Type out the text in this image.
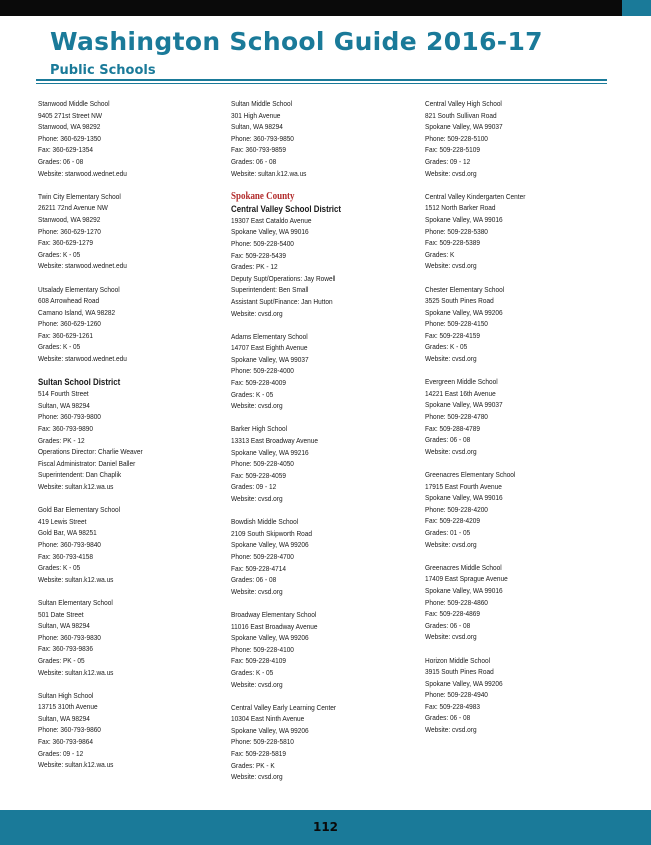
Washington School Guide 2016-17
Public Schools
Stanwood Middle School
9405 271st Street NW
Stanwood, WA 98292
Phone: 360-629-1350
Fax: 360-629-1354
Grades: 06 - 08
Website: starwood.wednet.edu
Twin City Elementary School
26211 72nd Avenue NW
Stanwood, WA 98292
Phone: 360-629-1270
Fax: 360-629-1279
Grades: K - 05
Website: starwood.wednet.edu
Utsalady Elementary School
608 Arrowhead Road
Camano Island, WA 98282
Phone: 360-629-1260
Fax: 360-629-1261
Grades: K - 05
Website: starwood.wednet.edu
Sultan School District
514 Fourth Street
Sultan, WA 98294
Phone: 360-793-9800
Fax: 360-793-9890
Grades: PK - 12
Operations Director: Charlie Weaver
Fiscal Administrator: Daniel Baller
Superintendent: Dan Chaplik
Website: sultan.k12.wa.us
Gold Bar Elementary School
419 Lewis Street
Gold Bar, WA 98251
Phone: 360-793-9840
Fax: 360-793-4158
Grades: K - 05
Website: sultan.k12.wa.us
Sultan Elementary School
501 Date Street
Sultan, WA 98294
Phone: 360-793-9830
Fax: 360-793-9836
Grades: PK - 05
Website: sultan.k12.wa.us
Sultan High School
13715 310th Avenue
Sultan, WA 98294
Phone: 360-793-9860
Fax: 360-793-9864
Grades: 09 - 12
Website: sultan.k12.wa.us
Sultan Middle School
301 High Avenue
Sultan, WA 98294
Phone: 360-793-9850
Fax: 360-793-9859
Grades: 06 - 08
Website: sultan.k12.wa.us
Spokane County
Central Valley School District
19307 East Cataldo Avenue
Spokane Valley, WA 99016
Phone: 509-228-5400
Fax: 509-228-5439
Grades: PK - 12
Deputy Supt/Operations: Jay Rowell
Superintendent: Ben Small
Assistant Supt/Finance: Jan Hutton
Website: cvsd.org
Adams Elementary School
14707 East Eighth Avenue
Spokane Valley, WA 99037
Phone: 509-228-4000
Fax: 509-228-4009
Grades: K - 05
Website: cvsd.org
Barker High School
13313 East Broadway Avenue
Spokane Valley, WA 99216
Phone: 509-228-4050
Fax: 509-228-4059
Grades: 09 - 12
Website: cvsd.org
Bowdish Middle School
2109 South Skipworth Road
Spokane Valley, WA 99206
Phone: 509-228-4700
Fax: 509-228-4714
Grades: 06 - 08
Website: cvsd.org
Broadway Elementary School
11016 East Broadway Avenue
Spokane Valley, WA 99206
Phone: 509-228-4100
Fax: 509-228-4109
Grades: K - 05
Website: cvsd.org
Central Valley Early Learning Center
10304 East Ninth Avenue
Spokane Valley, WA 99206
Phone: 509-228-5810
Fax: 509-228-5819
Grades: PK - K
Website: cvsd.org
Central Valley High School
821 South Sullivan Road
Spokane Valley, WA 99037
Phone: 509-228-5100
Fax: 509-228-5109
Grades: 09 - 12
Website: cvsd.org
Central Valley Kindergarten Center
1512 North Barker Road
Spokane Valley, WA 99016
Phone: 509-228-5380
Fax: 509-228-5389
Grades: K
Website: cvsd.org
Chester Elementary School
3525 South Pines Road
Spokane Valley, WA 99206
Phone: 509-228-4150
Fax: 509-228-4159
Grades: K - 05
Website: cvsd.org
Evergreen Middle School
14221 East 16th Avenue
Spokane Valley, WA 99037
Phone: 509-228-4780
Fax: 509-288-4789
Grades: 06 - 08
Website: cvsd.org
Greenacres Elementary School
17915 East Fourth Avenue
Spokane Valley, WA 99016
Phone: 509-228-4200
Fax: 509-228-4209
Grades: 01 - 05
Website: cvsd.org
Greenacres Middle School
17409 East Sprague Avenue
Spokane Valley, WA 99016
Phone: 509-228-4860
Fax: 509-228-4869
Grades: 06 - 08
Website: cvsd.org
Horizon Middle School
3915 South Pines Road
Spokane Valley, WA 99206
Phone: 509-228-4940
Fax: 509-228-4983
Grades: 06 - 08
Website: cvsd.org
112
